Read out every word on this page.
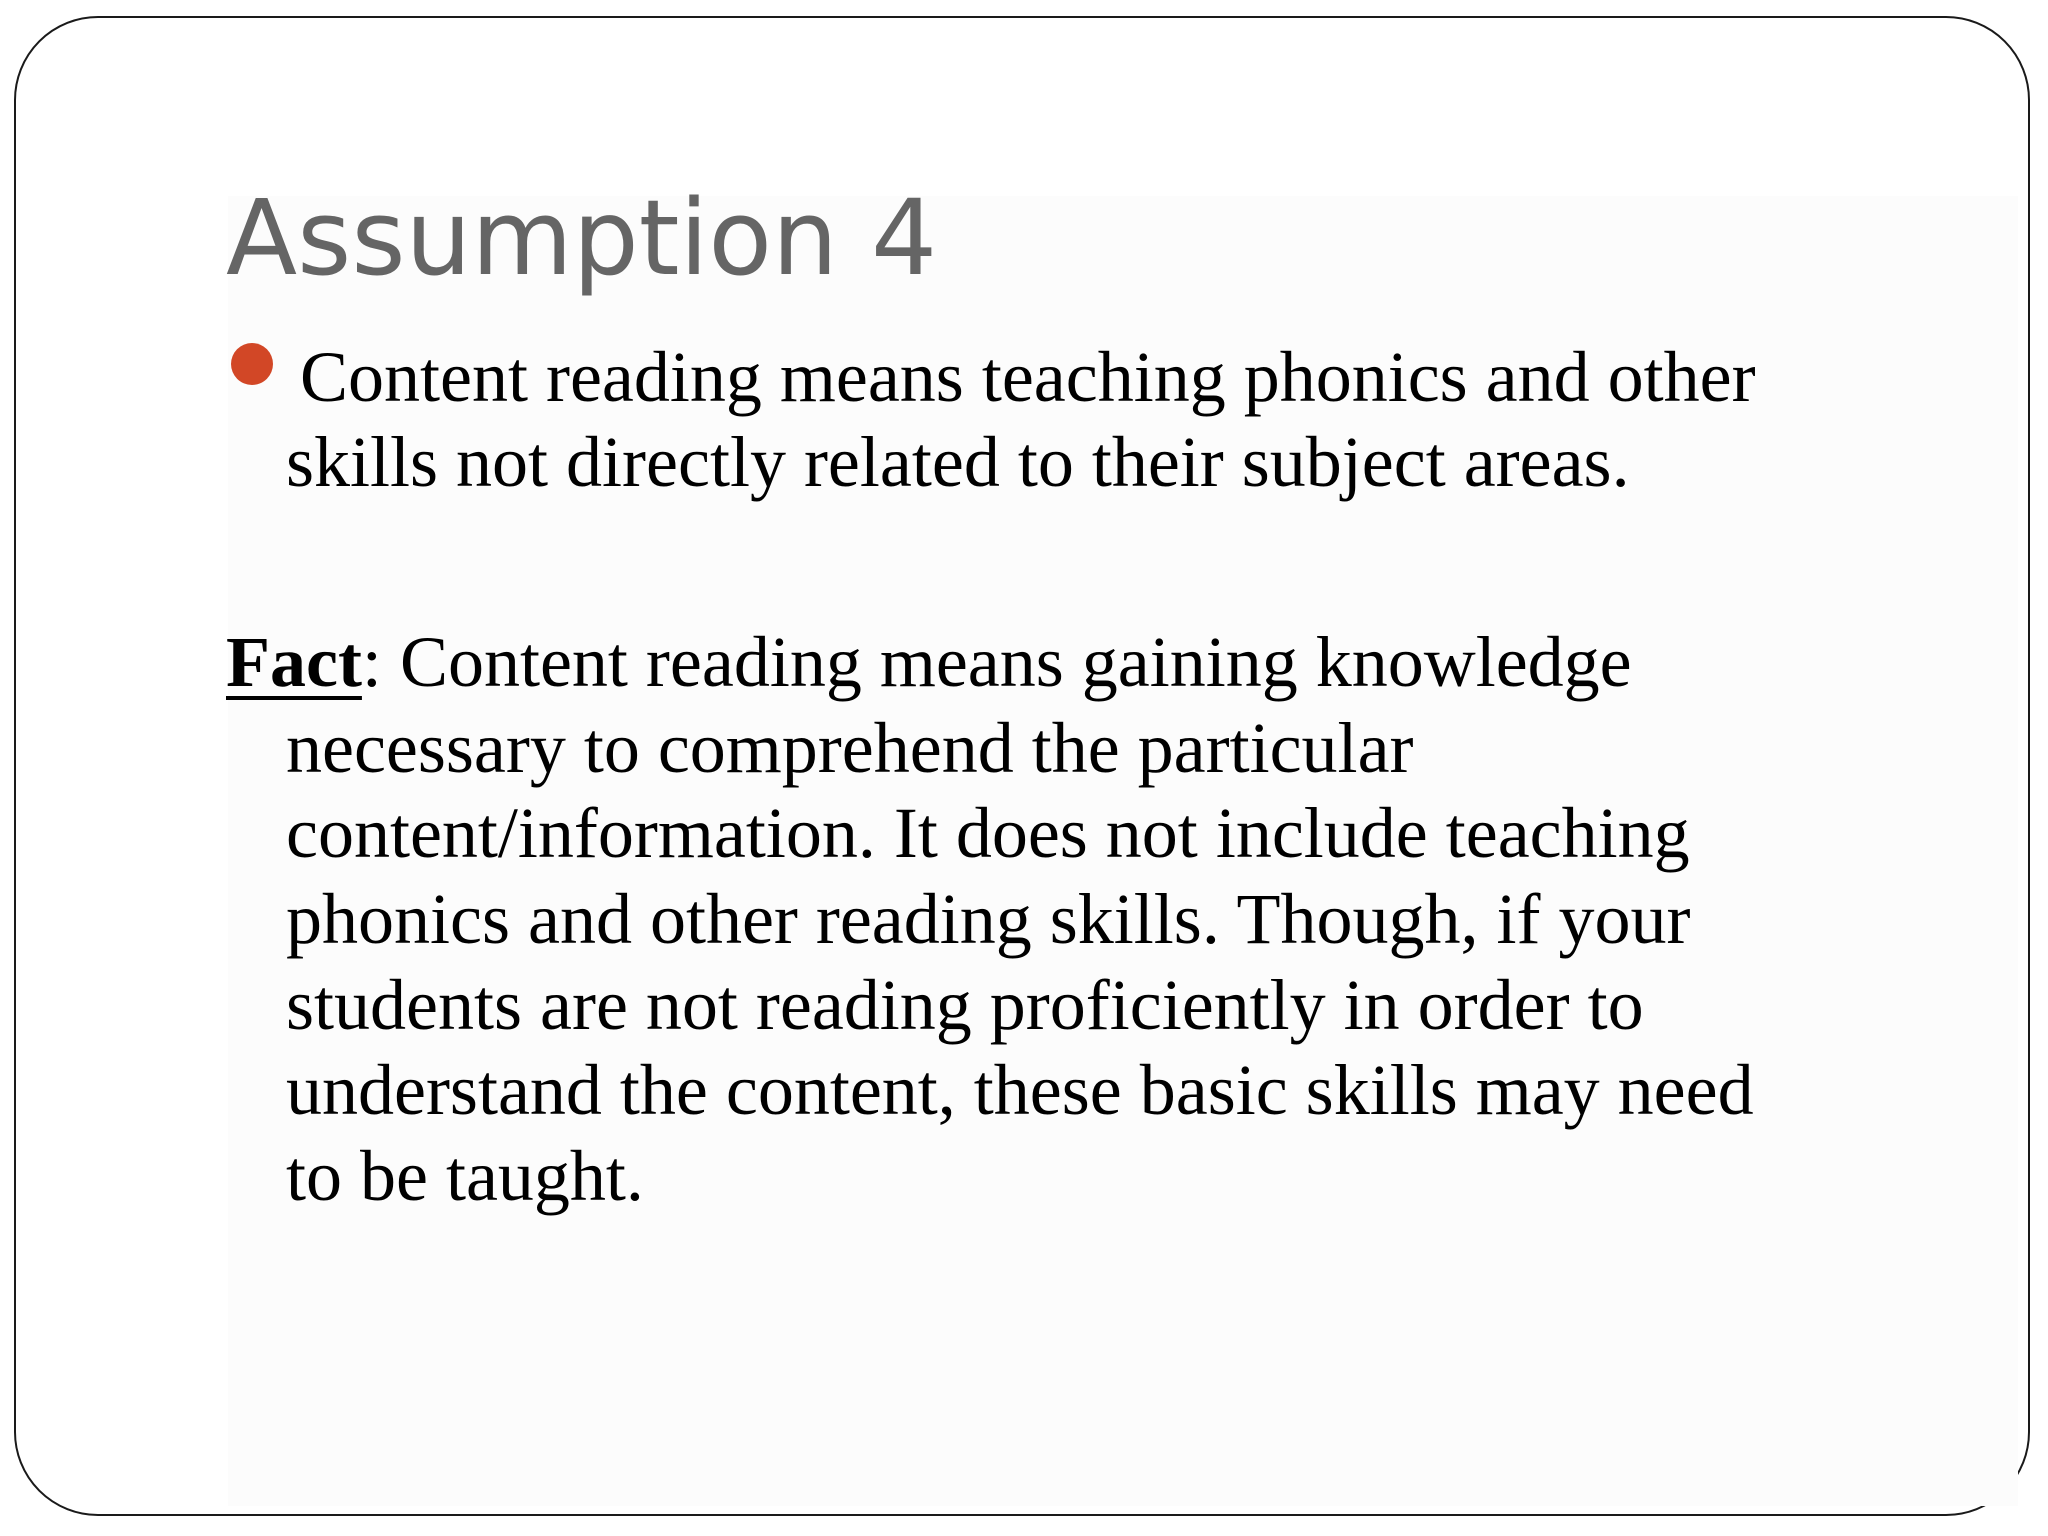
Assumption 4
Content reading means teaching phonics and other
skills not directly related to their subject areas.
Fact: Content reading means gaining knowledge
necessary to comprehend the particular
content/information. It does not include teaching
phonics and other reading skills. Though, if your
students are not reading proficiently in order to
understand the content, these basic skills may need
to be taught.
